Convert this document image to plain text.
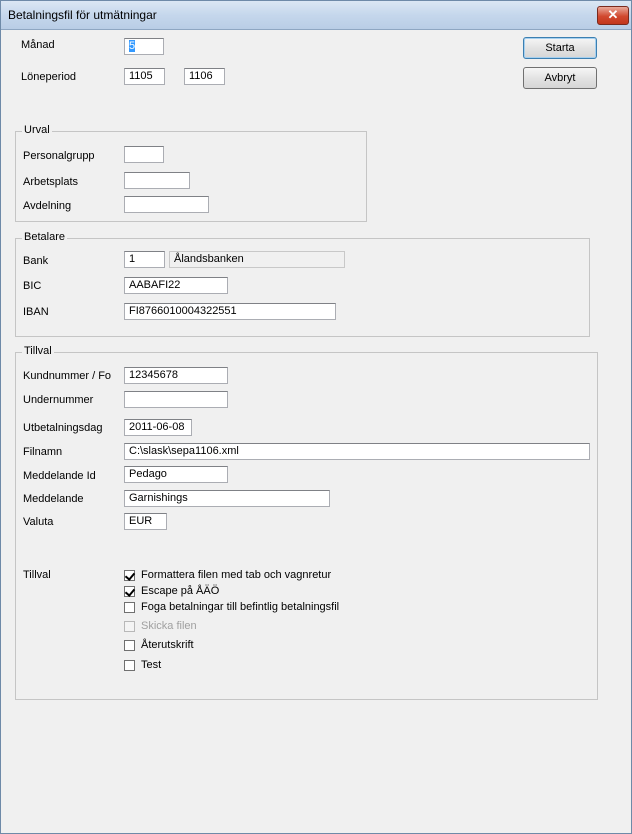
Betalningsfil för utmätningar	✕
Månad	5
Löneperiod	1105	1106
Starta
Avbryt
Urval
Personalgrupp
Arbetsplats
Avdelning
Betalare
Bank	1	Ålandsbanken
BIC	AABAFI22
IBAN	FI8766010004322551
Tillval
Kundnummer / Fo	12345678
Undernummer
Utbetalningsdag	2011-06-08
Filnamn	C:\slask\sepa1106.xml
Meddelande Id	Pedago
Meddelande	Garnishings
Valuta	EUR
Tillval	Formattera filen med tab och vagnretur
Escape på ÅÄÖ
Foga betalningar till befintlig betalningsfil
Skicka filen
Återutskrift
Test
